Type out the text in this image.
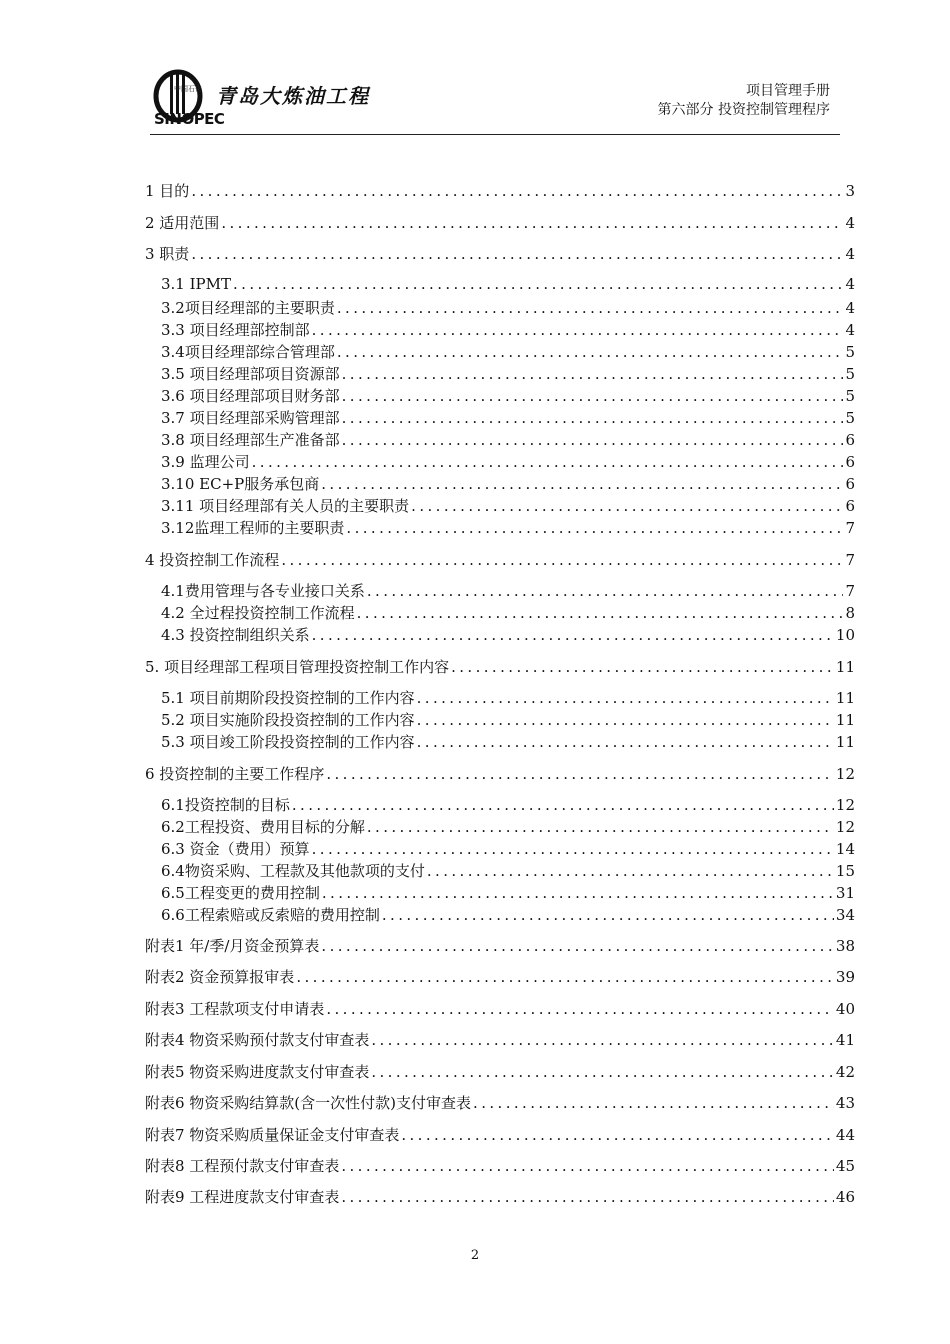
中国石化
SINOPEC
青岛大炼油工程	项目管理手册
第六部分 投资控制管理程序
1 目的 .....	3
2 适用范围 .....	4
3 职责 .....	4
3.1 IPMT .....	4
3.2项目经理部的主要职责 .....	4
3.3 项目经理部控制部 .....	4
3.4项目经理部综合管理部 .....	5
3.5 项目经理部项目资源部 .....	5
3.6 项目经理部项目财务部 .....	5
3.7 项目经理部采购管理部 .....	5
3.8 项目经理部生产准备部 .....	6
3.9 监理公司 .....	6
3.10 EC+P服务承包商 .....	6
3.11 项目经理部有关人员的主要职责 .....	6
3.12监理工程师的主要职责 .....	7
4 投资控制工作流程 .....	7
4.1费用管理与各专业接口关系 .....	7
4.2 全过程投资控制工作流程 .....	8
4.3 投资控制组织关系 .....	10
5. 项目经理部工程项目管理投资控制工作内容 .....	11
5.1 项目前期阶段投资控制的工作内容 .....	11
5.2 项目实施阶段投资控制的工作内容 .....	11
5.3 项目竣工阶段投资控制的工作内容 .....	11
6 投资控制的主要工作程序 .....	12
6.1投资控制的目标 .....	12
6.2工程投资、费用目标的分解 .....	12
6.3 资金（费用）预算 .....	14
6.4物资采购、工程款及其他款项的支付 .....	15
6.5工程变更的费用控制 .....	31
6.6工程索赔或反索赔的费用控制 .....	34
附表1 年/季/月资金预算表 .....	38
附表2 资金预算报审表 .....	39
附表3 工程款项支付申请表 .....	40
附表4 物资采购预付款支付审查表 .....	41
附表5 物资采购进度款支付审查表 .....	42
附表6 物资采购结算款(含一次性付款)支付审查表 .....	43
附表7 物资采购质量保证金支付审查表 .....	44
附表8 工程预付款支付审查表 .....	45
附表9 工程进度款支付审查表 .....	46
2
